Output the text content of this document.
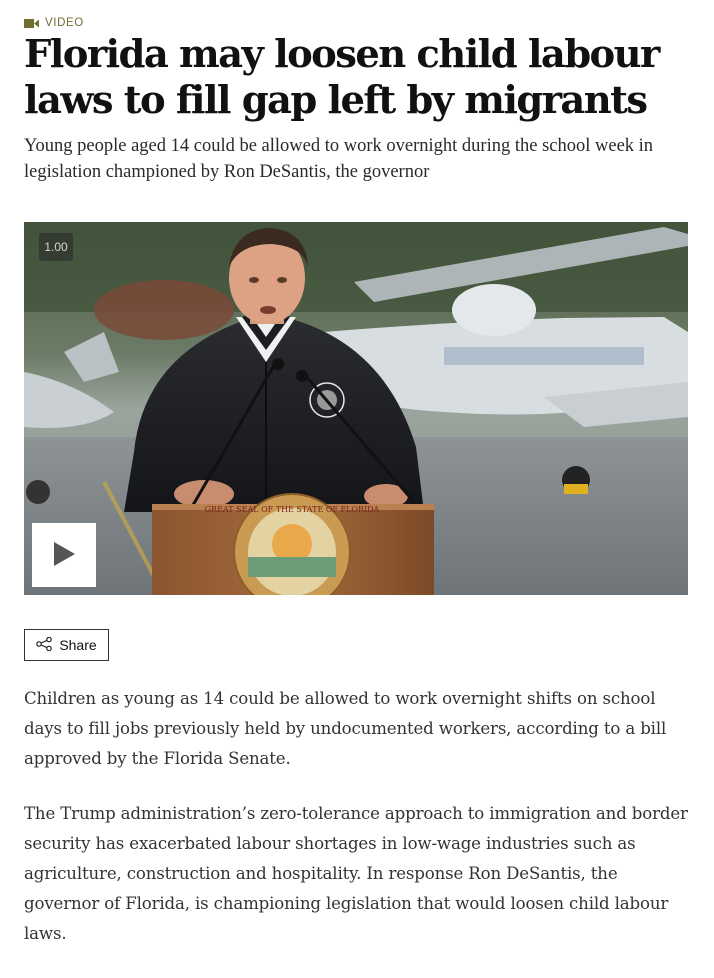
VIDEO
Florida may loosen child labour laws to fill gap left by migrants

Young people aged 14 could be allowed to work overnight during the school week in legislation championed by Ron DeSantis, the governor

GREAT SEAL OF THE STATE OF FLORIDA
1.00
Share

Children as young as 14 could be allowed to work overnight shifts on school days to fill jobs previously held by undocumented workers, according to a bill approved by the Florida Senate.

The Trump administration’s zero-tolerance approach to immigration and border security has exacerbated labour shortages in low-wage industries such as agriculture, construction and hospitality. In response Ron DeSantis, the governor of Florida, is championing legislation that would loosen child labour laws.
